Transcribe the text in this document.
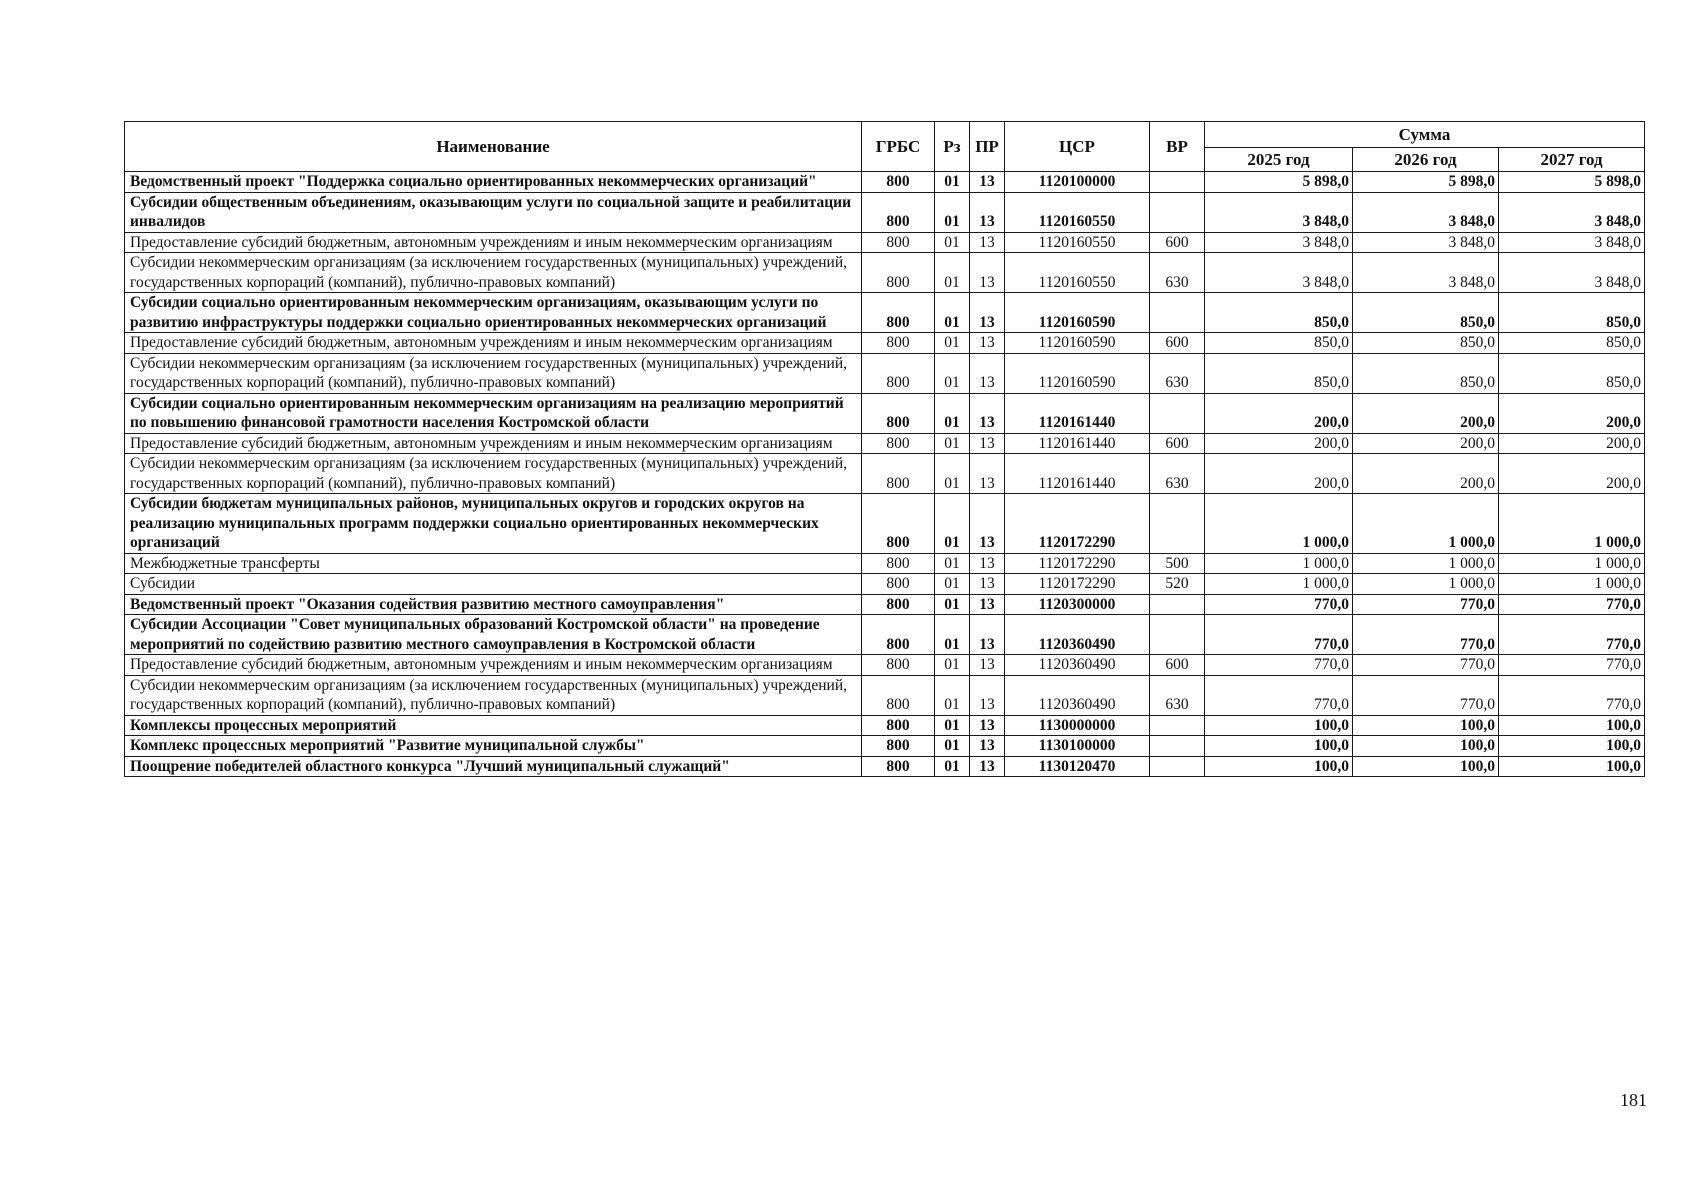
Наименование	ГРБС	Рз	ПР	ЦСР	ВР	Сумма		
						2025 год	2026 год	2027 год
Ведомственный проект "Поддержка социально ориентированных некоммерческих организаций"	800	01	13	1120100000		5 898,0	5 898,0	5 898,0
Субсидии общественным объединениям, оказывающим услуги по социальной защите и реабилитации инвалидов	800	01	13	1120160550		3 848,0	3 848,0	3 848,0
Предоставление субсидий бюджетным, автономным учреждениям и иным некоммерческим организациям	800	01	13	1120160550	600	3 848,0	3 848,0	3 848,0
Субсидии некоммерческим организациям (за исключением государственных (муниципальных) учреждений, государственных корпораций (компаний), публично-правовых компаний)	800	01	13	1120160550	630	3 848,0	3 848,0	3 848,0
Субсидии социально ориентированным некоммерческим организациям, оказывающим услуги по развитию инфраструктуры поддержки социально ориентированных некоммерческих организаций	800	01	13	1120160590		850,0	850,0	850,0
Предоставление субсидий бюджетным, автономным учреждениям и иным некоммерческим организациям	800	01	13	1120160590	600	850,0	850,0	850,0
Субсидии некоммерческим организациям (за исключением государственных (муниципальных) учреждений, государственных корпораций (компаний), публично-правовых компаний)	800	01	13	1120160590	630	850,0	850,0	850,0
Субсидии социально ориентированным некоммерческим организациям на реализацию мероприятий по повышению финансовой грамотности населения Костромской области	800	01	13	1120161440		200,0	200,0	200,0
Предоставление субсидий бюджетным, автономным учреждениям и иным некоммерческим организациям	800	01	13	1120161440	600	200,0	200,0	200,0
Субсидии некоммерческим организациям (за исключением государственных (муниципальных) учреждений, государственных корпораций (компаний), публично-правовых компаний)	800	01	13	1120161440	630	200,0	200,0	200,0
Субсидии бюджетам муниципальных районов, муниципальных округов и городских округов на реализацию муниципальных программ поддержки социально ориентированных некоммерческих организаций	800	01	13	1120172290		1 000,0	1 000,0	1 000,0
Межбюджетные трансферты	800	01	13	1120172290	500	1 000,0	1 000,0	1 000,0
Субсидии	800	01	13	1120172290	520	1 000,0	1 000,0	1 000,0
Ведомственный проект "Оказания содействия развитию местного самоуправления"	800	01	13	1120300000		770,0	770,0	770,0
Субсидии Ассоциации "Совет муниципальных образований Костромской области" на проведение мероприятий по содействию развитию местного самоуправления в Костромской области	800	01	13	1120360490		770,0	770,0	770,0
Предоставление субсидий бюджетным, автономным учреждениям и иным некоммерческим организациям	800	01	13	1120360490	600	770,0	770,0	770,0
Субсидии некоммерческим организациям (за исключением государственных (муниципальных) учреждений, государственных корпораций (компаний), публично-правовых компаний)	800	01	13	1120360490	630	770,0	770,0	770,0
Комплексы процессных мероприятий	800	01	13	1130000000		100,0	100,0	100,0
Комплекс процессных мероприятий "Развитие муниципальной службы"	800	01	13	1130100000		100,0	100,0	100,0
Поощрение победителей областного конкурса "Лучший муниципальный служащий"	800	01	13	1130120470		100,0	100,0	100,0
181
